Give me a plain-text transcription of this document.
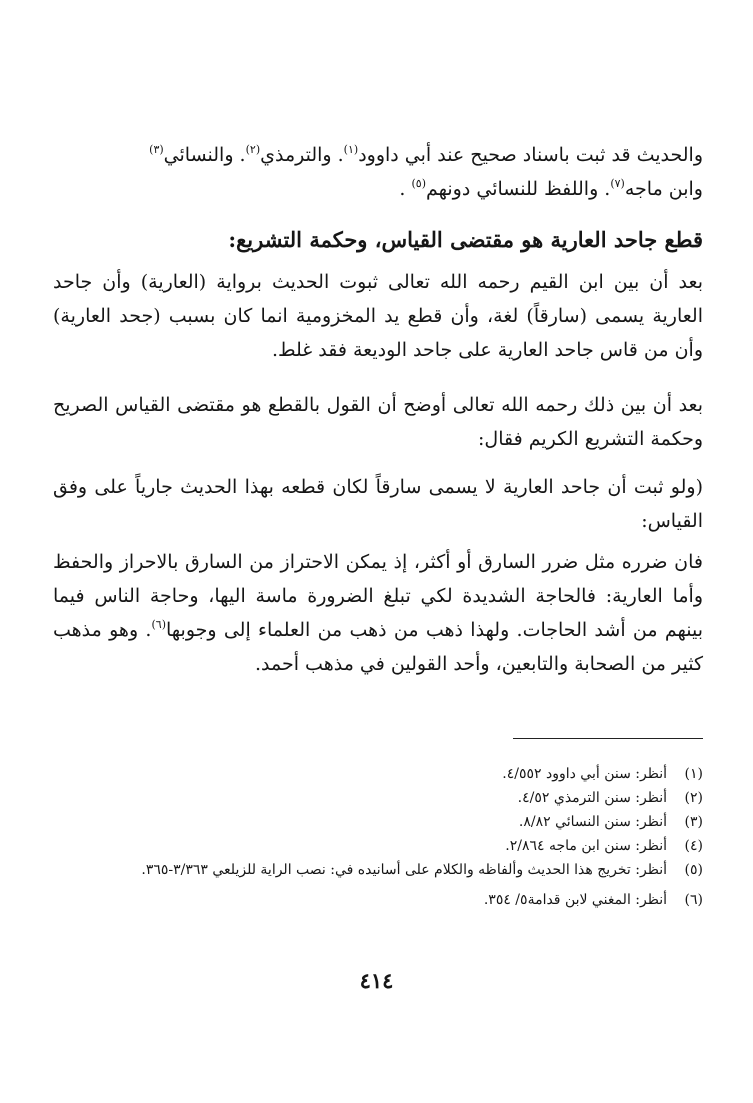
والحديث قد ثبت باسناد صحيح عند أبي داوود$^{(١)}$. والترمذي$^{(٢)}$. والنسائي$^{(٣)}$
وابن ماجه$^{(٧)}$. واللفظ للنسائي دونهم$^{(٥)}$ .

قطع جاحد العارية هو مقتضى القياس، وحكمة التشريع:

بعد أن بين ابن القيم رحمه الله تعالى ثبوت الحديث برواية (العارية) وأن جاحد العارية يسمى (سارقاً) لغة، وأن قطع يد المخزومية انما كان بسبب (جحد العارية) وأن من قاس جاحد العارية على جاحد الوديعة فقد غلط.

بعد أن بين ذلك رحمه الله تعالى أوضح أن القول بالقطع هو مقتضى القياس الصريح وحكمة التشريع الكريم فقال:

(ولو ثبت أن جاحد العارية لا يسمى سارقاً لكان قطعه بهذا الحديث جارياً على وفق القياس:

فان ضرره مثل ضرر السارق أو أكثر، إذ يمكن الاحتراز من السارق بالاحراز والحفظ وأما العارية: فالحاجة الشديدة لكي تبلغ الضرورة ماسة اليها، وحاجة الناس فيما بينهم من أشد الحاجات. ولهذا ذهب من ذهب من العلماء إلى وجوبها$^{(٦)}$. وهو مذهب كثير من الصحابة والتابعين، وأحد القولين في مذهب أحمد.

(١)
أنظر: سنن أبي داوود ٤/٥٥٢.
(٢)
أنظر: سنن الترمذي ٤/٥٢.
(٣)
أنظر: سنن النسائي ٨/٨٢.
(٤)
أنظر: سنن ابن ماجه ٢/٨٦٤.
(٥)
أنظر: تخريج هذا الحديث وألفاظه والكلام على أسانيده في: نصب الراية للزيلعي ٣/٣٦٣-٣٦٥.
(٦)
أنظر: المغني لابن قدامة٥/ ٣٥٤.
٤١٤
